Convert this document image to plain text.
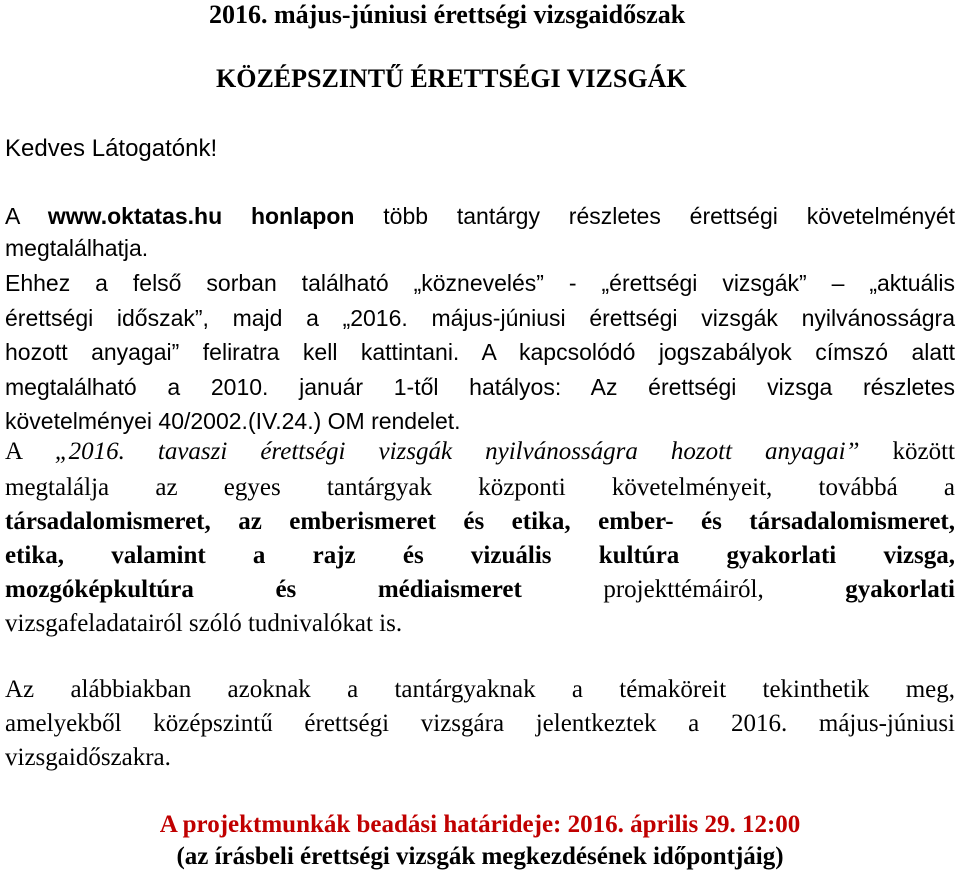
2016. május-júniusi érettségi vizsgaidőszak
KÖZÉPSZINTŰ ÉRETTSÉGI VIZSGÁK
Kedves Látogatónk!
A www.oktatas.hu honlapon több tantárgy részletes érettségi követelményét
megtalálhatja.
Ehhez a felső sorban található „köznevelés” - „érettségi vizsgák” – „aktuális
érettségi időszak”, majd a „2016. május-júniusi érettségi vizsgák nyilvánosságra
hozott anyagai” feliratra kell kattintani. A kapcsolódó jogszabályok címszó alatt
megtalálható a 2010. január 1-től hatályos: Az érettségi vizsga részletes
követelményei 40/2002.(IV.24.) OM rendelet.
A „2016. tavaszi érettségi vizsgák nyilvánosságra hozott anyagai” között
megtalálja az egyes tantárgyak központi követelményeit, továbbá a
társadalomismeret, az emberismeret és etika, ember- és társadalomismeret,
etika, valamint a rajz és vizuális kultúra gyakorlati vizsga,
mozgóképkultúra és médiaismeret	projekttémáiról,	gyakorlati
vizsgafeladatairól szóló tudnivalókat is.
Az alábbiakban azoknak a tantárgyaknak a témaköreit tekinthetik meg,
amelyekből középszintű érettségi vizsgára jelentkeztek a 2016. május-júniusi
vizsgaidőszakra.
A projektmunkák beadási határideje: 2016. április 29. 12:00
(az írásbeli érettségi vizsgák megkezdésének időpontjáig)
